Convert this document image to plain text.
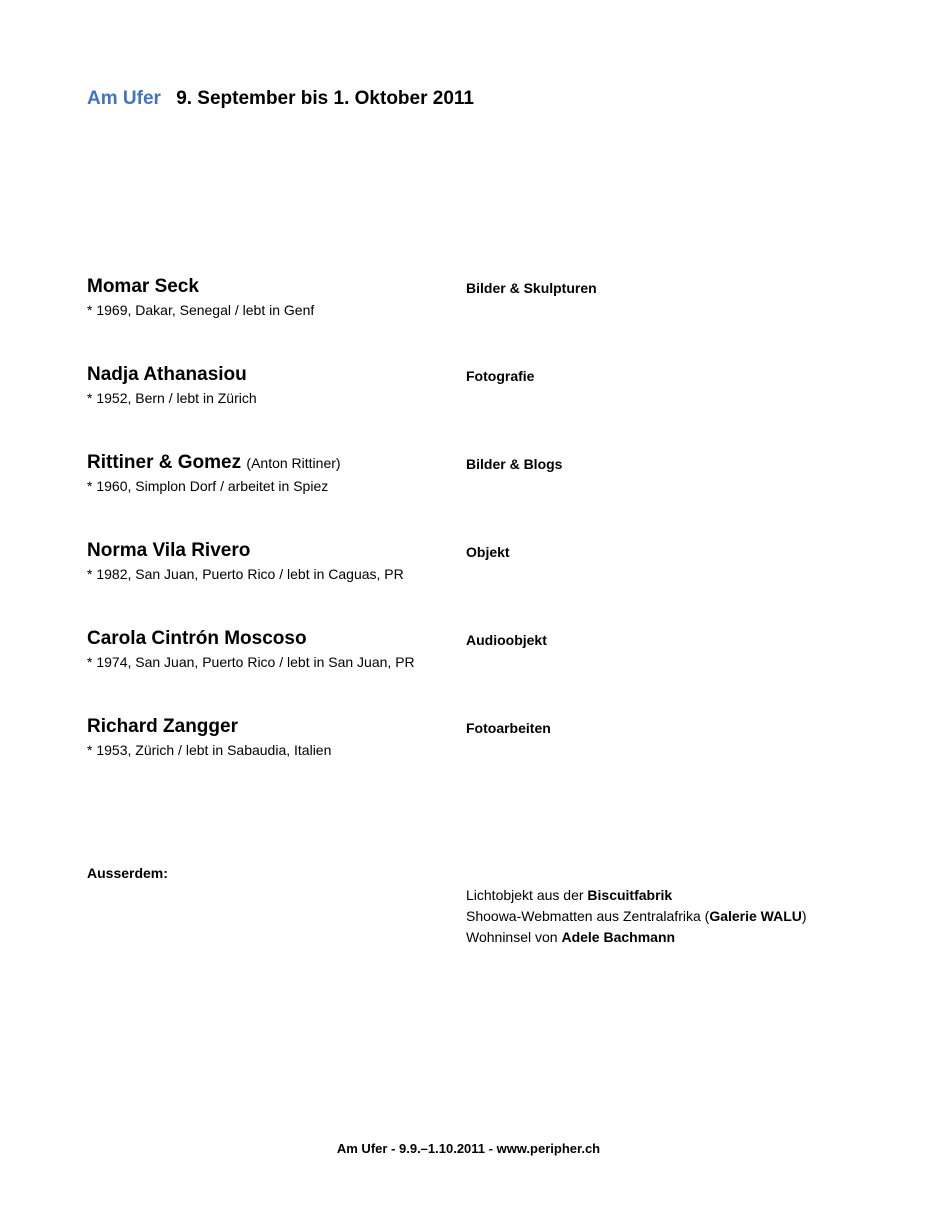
Am Ufer 9. September bis 1. Oktober 2011
Momar Seck
* 1969, Dakar, Senegal / lebt in Genf
Bilder & Skulpturen
Nadja Athanasiou
* 1952, Bern / lebt in Zürich
Fotografie
Rittiner & Gomez (Anton Rittiner)
* 1960, Simplon Dorf / arbeitet in Spiez
Bilder & Blogs
Norma Vila Rivero
* 1982, San Juan, Puerto Rico / lebt in Caguas, PR
Objekt
Carola Cintrón Moscoso
* 1974, San Juan, Puerto Rico / lebt in San Juan, PR
Audioobjekt
Richard Zangger
* 1953, Zürich / lebt in Sabaudia, Italien
Fotoarbeiten
Ausserdem:
Lichtobjekt aus der Biscuitfabrik
Shoowa-Webmatten aus Zentralafrika (Galerie WALU)
Wohninsel von Adele Bachmann
Am Ufer - 9.9.–1.10.2011 - www.peripher.ch
